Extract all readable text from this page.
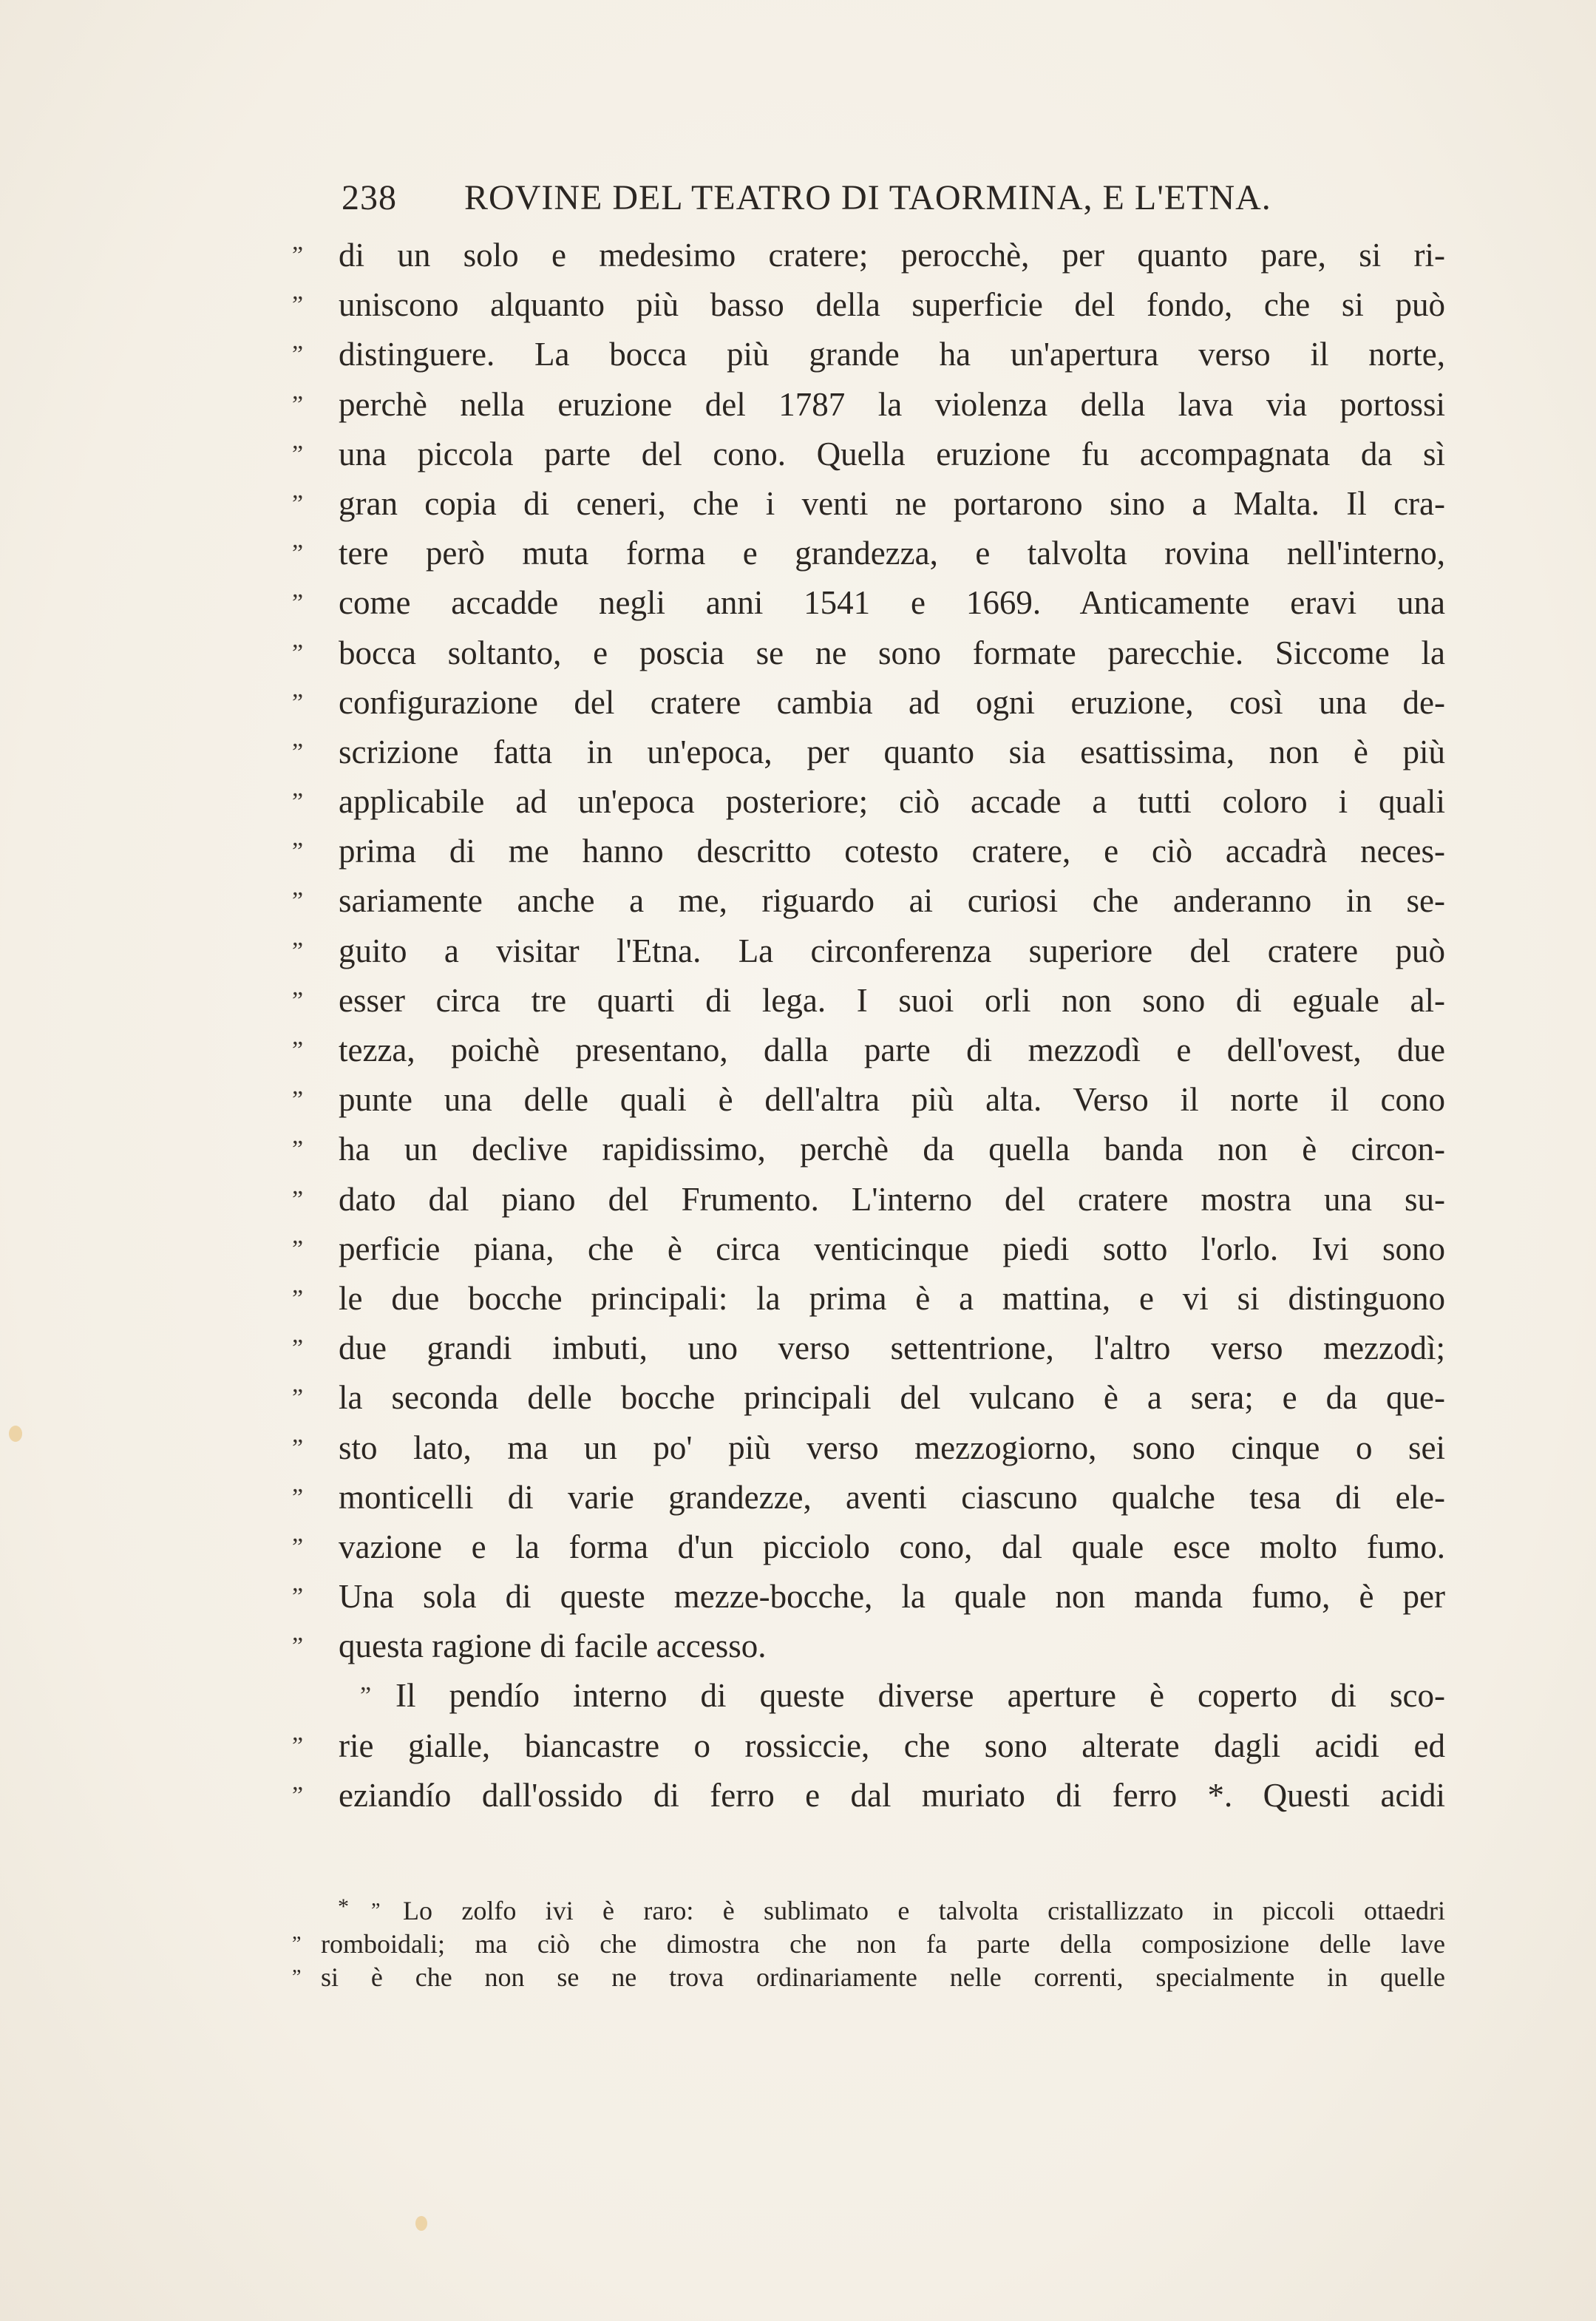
238 ROVINE DEL TEATRO DI TAORMINA, E L'ETNA.
”	di un solo e medesimo cratere; perocchè, per quanto pare, si ri-
”	uniscono alquanto più basso della superficie del fondo, che si può
”	distinguere. La bocca più grande ha un'apertura verso il norte,
”	perchè nella eruzione del 1787 la violenza della lava via portossi
”	una piccola parte del cono. Quella eruzione fu accompagnata da sì
”	gran copia di ceneri, che i venti ne portarono sino a Malta. Il cra-
”	tere però muta forma e grandezza, e talvolta rovina nell'interno,
”	come accadde negli anni 1541 e 1669. Anticamente eravi una
”	bocca soltanto, e poscia se ne sono formate parecchie. Siccome la
”	configurazione del cratere cambia ad ogni eruzione, così una de-
”	scrizione fatta in un'epoca, per quanto sia esattissima, non è più
”	applicabile ad un'epoca posteriore; ciò accade a tutti coloro i quali
”	prima di me hanno descritto cotesto cratere, e ciò accadrà neces-
”	sariamente anche a me, riguardo ai curiosi che anderanno in se-
”	guito a visitar l'Etna. La circonferenza superiore del cratere può
”	esser circa tre quarti di lega. I suoi orli non sono di eguale al-
”	tezza, poichè presentano, dalla parte di mezzodì e dell'ovest, due
”	punte una delle quali è dell'altra più alta. Verso il norte il cono
”	ha un declive rapidissimo, perchè da quella banda non è circon-
”	dato dal piano del Frumento. L'interno del cratere mostra una su-
”	perficie piana, che è circa venticinque piedi sotto l'orlo. Ivi sono
”	le due bocche principali: la prima è a mattina, e vi si distinguono
”	due grandi imbuti, uno verso settentrione, l'altro verso mezzodì;
”	la seconda delle bocche principali del vulcano è a sera; e da que-
”	sto lato, ma un po' più verso mezzogiorno, sono cinque o sei
”	monticelli di varie grandezze, aventi ciascuno qualche tesa di ele-
”	vazione e la forma d'un picciolo cono, dal quale esce molto fumo.
”	Una sola di queste mezze-bocche, la quale non manda fumo, è per
”	questa ragione di facile accesso.
” Il pendío interno di queste diverse aperture è coperto di sco-
”	rie gialle, biancastre o rossiccie, che sono alterate dagli acidi ed
”	eziandío dall'ossido di ferro e dal muriato di ferro *. Questi acidi
* ” Lo zolfo ivi è raro: è sublimato e talvolta cristallizzato in piccoli ottaedri
” romboidali; ma ciò che dimostra che non fa parte della composizione delle lave
” si è che non se ne trova ordinariamente nelle correnti, specialmente in quelle
